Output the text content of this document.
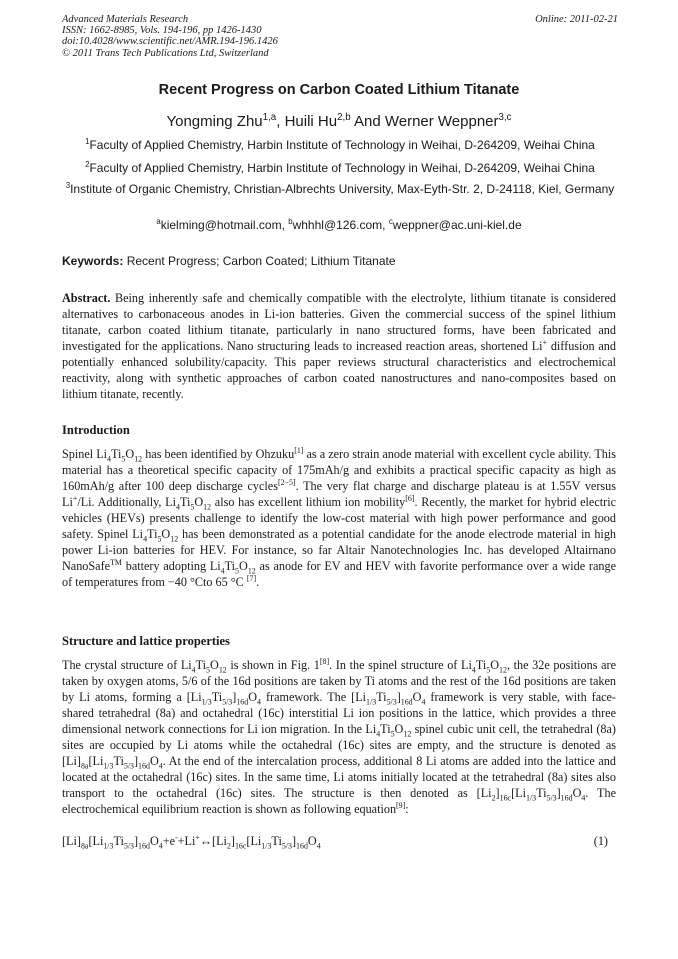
Advanced Materials Research
ISSN: 1662-8985, Vols. 194-196, pp 1426-1430
doi:10.4028/www.scientific.net/AMR.194-196.1426
© 2011 Trans Tech Publications Ltd, Switzerland
Online: 2011-02-21
Recent Progress on Carbon Coated Lithium Titanate
Yongming Zhu$^{1,a}$, Huili Hu$^{2,b}$ And Werner Weppner$^{3,c}$
$^1$Faculty of Applied Chemistry, Harbin Institute of Technology in Weihai, D-264209, Weihai China
$^2$Faculty of Applied Chemistry, Harbin Institute of Technology in Weihai, D-264209, Weihai China
$^3$Institute of Organic Chemistry, Christian-Albrechts University, Max-Eyth-Str. 2, D-24118, Kiel, Germany
$^a$kielming@hotmail.com, $^b$whhhl@126.com, $^c$weppner@ac.uni-kiel.de
Keywords: Recent Progress; Carbon Coated; Lithium Titanate
Abstract. Being inherently safe and chemically compatible with the electrolyte, lithium titanate is considered alternatives to carbonaceous anodes in Li-ion batteries. Given the commercial success of the spinel lithium titanate, carbon coated lithium titanate, particularly in nano structured forms, have been fabricated and investigated for the applications. Nano structuring leads to increased reaction areas, shortened Li+ diffusion and potentially enhanced solubility/capacity. This paper reviews structural characteristics and electrochemical reactivity, along with synthetic approaches of carbon coated nanostructures and nano-composites based on lithium titanate, recently.
Introduction
Spinel $Li_4Ti_5O_{12}$ has been identified by Ohzuku[1] as a zero strain anode material with excellent cycle ability. This material has a theoretical specific capacity of 175mAh/g and exhibits a practical specific capacity as high as 160mAh/g after 100 deep discharge cycles[2−5]. The very flat charge and discharge plateau is at 1.55V versus Li+/Li. Additionally, $Li_4Ti_5O_{12}$ also has excellent lithium ion mobility[6]. Recently, the market for hybrid electric vehicles (HEVs) presents challenge to identify the low-cost material with high power performance and good safety. Spinel $Li_4Ti_5O_{12}$ has been demonstrated as a potential candidate for the anode electrode material in high power Li-ion batteries for HEV. For instance, so far Altair Nanotechnologies Inc. has developed Altairnano NanoSafe™ battery adopting $Li_4Ti_5O_{12}$ as anode for EV and HEV with favorite performance over a wide range of temperatures from −40 °Cto 65 °C [7].
Structure and lattice properties
The crystal structure of $Li_4Ti_5O_{12}$ is shown in Fig. 1[8]. In the spinel structure of $Li_4Ti_5O_{12}$, the 32e positions are taken by oxygen atoms, 5/6 of the 16d positions are taken by Ti atoms and the rest of the 16d positions are taken by Li atoms, forming a $[Li_{1/3}Ti_{5/3}]_{16d}O_4$ framework. The $[Li_{1/3}Ti_{5/3}]_{16d}O_4$ framework is very stable, with face-shared tetrahedral (8a) and octahedral (16c) interstitial Li ion positions in the lattice, which provides a three dimensional network connections for Li ion migration. In the $Li_4Ti_5O_{12}$ spinel cubic unit cell, the tetrahedral (8a) sites are occupied by Li atoms while the octahedral (16c) sites are empty, and the structure is denoted as $[Li]_{8a}[Li_{1/3}Ti_{5/3}]_{16d}O_4$. At the end of the intercalation process, additional 8 Li atoms are added into the lattice and located at the octahedral (16c) sites. In the same time, Li atoms initially located at the tetrahedral (8a) sites also transport to the octahedral (16c) sites. The structure is then denoted as $[Li_2]_{16c}[Li_{1/3}Ti_{5/3}]_{16d}O_4$. The electrochemical equilibrium reaction is shown as following equation[9]:
$[Li]_{8a}[Li_{1/3}Ti_{5/3}]_{16d}O_4+e^-+Li^+\leftrightarrow[Li_2]_{16c}[Li_{1/3}Ti_{5/3}]_{16d}O_4$	(1)
